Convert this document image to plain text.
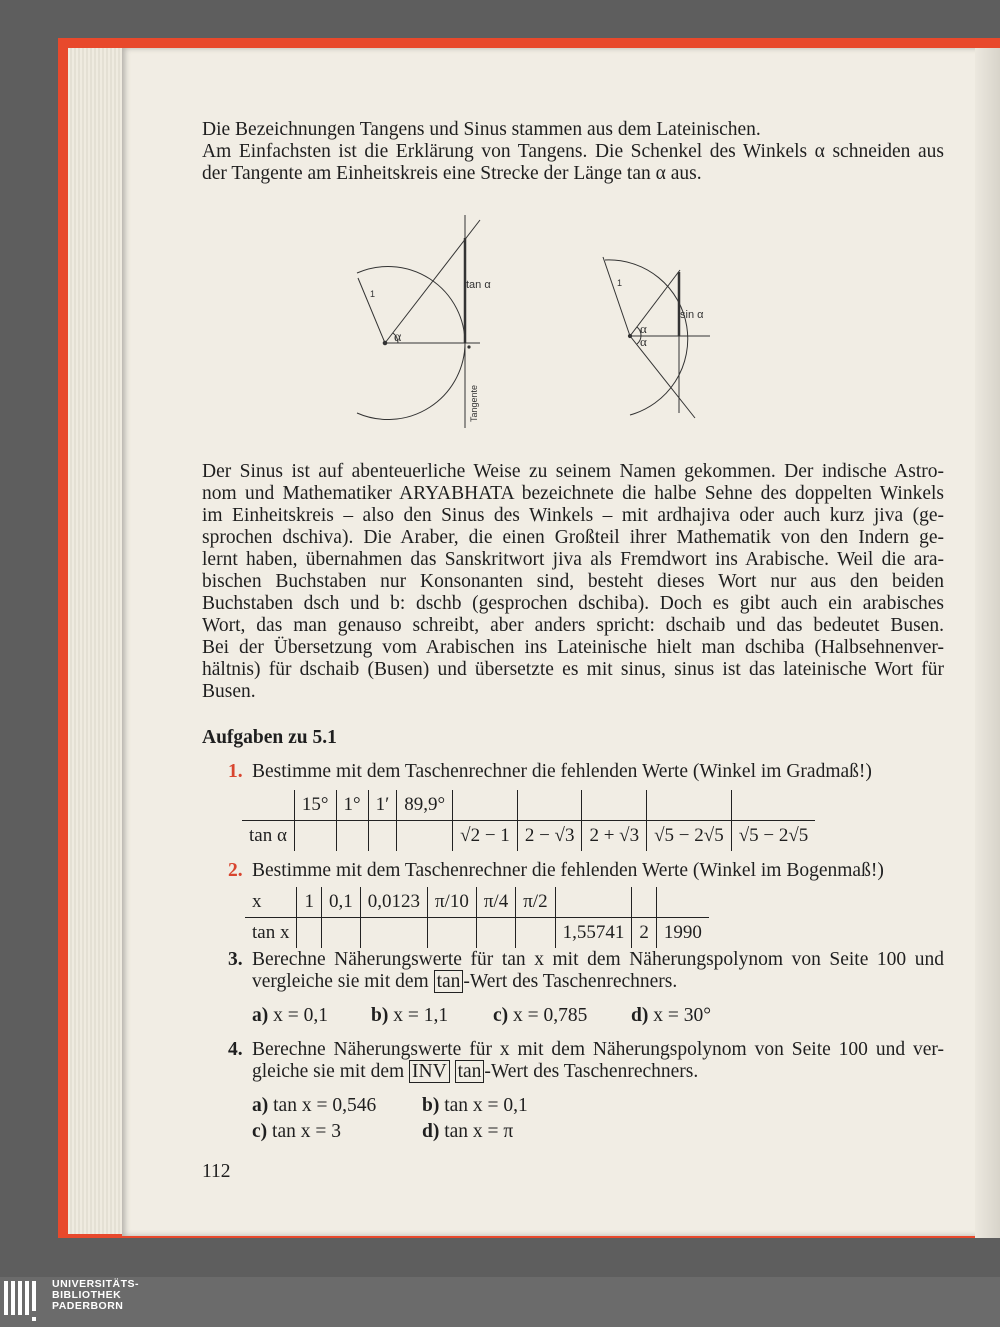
Die Bezeichnungen Tangens und Sinus stammen aus dem Lateinischen.
Am Einfachsten ist die Erklärung von Tangens. Die Schenkel des Winkels α schneiden aus
der Tangente am Einheitskreis eine Strecke der Länge tan α aus.
1
α
tan α
Tangente
1
α
α
sin α
Der Sinus ist auf abenteuerliche Weise zu seinem Namen gekommen. Der indische Astro-
nom und Mathematiker ARYABHATA bezeichnete die halbe Sehne des doppelten Winkels
im Einheitskreis – also den Sinus des Winkels – mit ardhajiva oder auch kurz jiva (ge-
sprochen dschiva). Die Araber, die einen Großteil ihrer Mathematik von den Indern ge-
lernt haben, übernahmen das Sanskritwort jiva als Fremdwort ins Arabische. Weil die ara-
bischen Buchstaben nur Konsonanten sind, besteht dieses Wort nur aus den beiden
Buchstaben dsch und b: dschb (gesprochen dschiba). Doch es gibt auch ein arabisches
Wort, das man genauso schreibt, aber anders spricht: dschaib und das bedeutet Busen.
Bei der Übersetzung vom Arabischen ins Lateinische hielt man dschiba (Halbsehnenver-
hältnis) für dschaib (Busen) und übersetzte es mit sinus, sinus ist das lateinische Wort für
Busen.
Aufgaben zu 5.1
1. Bestimme mit dem Taschenrechner die fehlenden Werte (Winkel im Gradmaß!)
	15°	1°	1′	89,9°					
tan α					√2 − 1	2 − √3	2 + √3	√5 − 2√5	√5 − 2√5
2. Bestimme mit dem Taschenrechner die fehlenden Werte (Winkel im Bogenmaß!)
x	1	0,1	0,0123	π/10	π/4	π/2			
tan x							1,55741	2	1990
3. Berechne Näherungswerte für tan x mit dem Näherungspolynom von Seite 100 und
vergleiche sie mit dem tan -Wert des Taschenrechners.
a) x = 0,1 b) x = 1,1 c) x = 0,785 d) x = 30°
4. Berechne Näherungswerte für x mit dem Näherungspolynom von Seite 100 und ver-
gleiche sie mit dem INV tan -Wert des Taschenrechners.
a) tan x = 0,546 b) tan x = 0,1
c) tan x = 3	d) tan x = π
112
UNIVERSITÄTS-
BIBLIOTHEK
PADERBORN
